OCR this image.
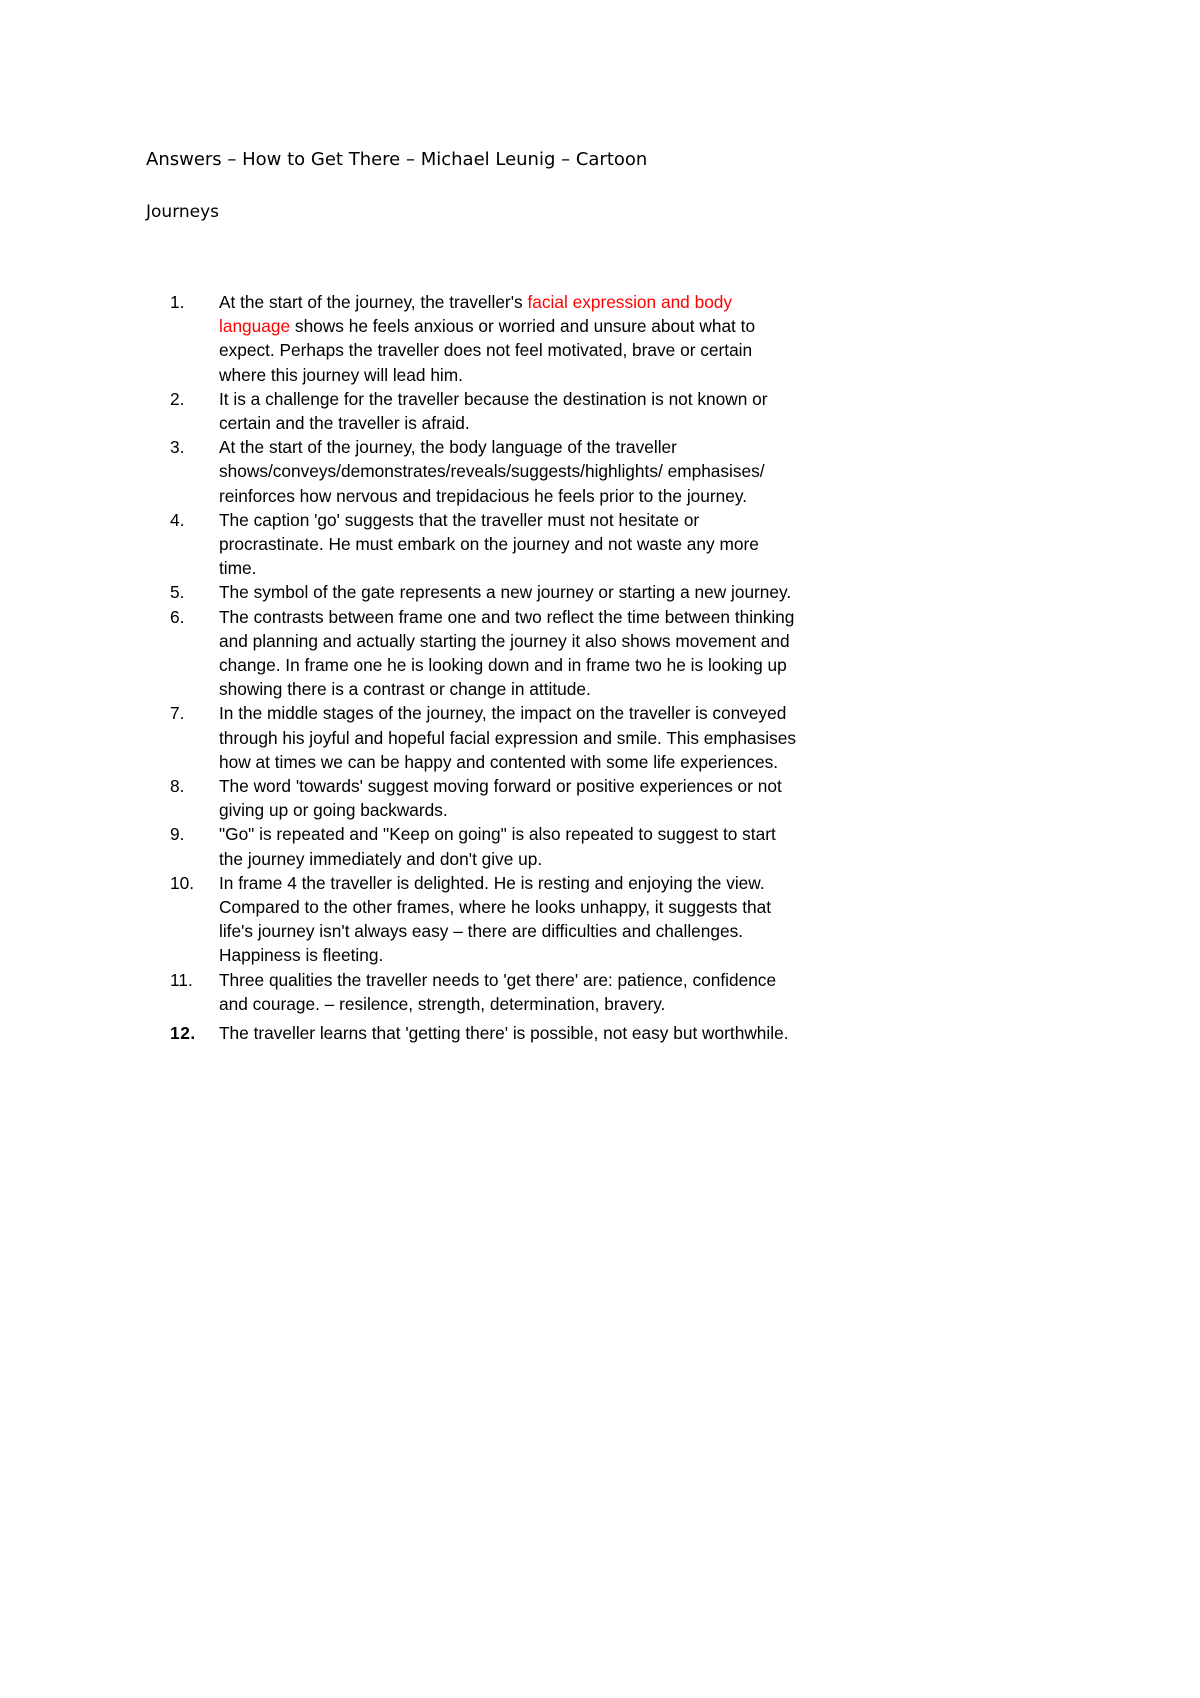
Answers – How to Get There – Michael Leunig – Cartoon
Journeys
1.	At the start of the journey, the traveller's facial expression and body language shows he feels anxious or worried and unsure about what to expect. Perhaps the traveller does not feel motivated, brave or certain where this journey will lead him.
2.	It is a challenge for the traveller because the destination is not known or certain and the traveller is afraid.
3.	At the start of the journey, the body language of the traveller shows/conveys/demonstrates/reveals/suggests/highlights/ emphasises/ reinforces how nervous and trepidacious he feels prior to the journey.
4.	The caption 'go' suggests that the traveller must not hesitate or procrastinate. He must embark on the journey and not waste any more time.
5.	The symbol of the gate represents a new journey or starting a new journey.
6.	The contrasts between frame one and two reflect the time between thinking and planning and actually starting the journey it also shows movement and change. In frame one he is looking down and in frame two he is looking up showing there is a contrast or change in attitude.
7.	In the middle stages of the journey, the impact on the traveller is conveyed through his joyful and hopeful facial expression and smile. This emphasises how at times we can be happy and contented with some life experiences.
8.	The word 'towards' suggest moving forward or positive experiences or not giving up or going backwards.
9.	"Go" is repeated and "Keep on going" is also repeated to suggest to start the journey immediately and don't give up.
10.	In frame 4 the traveller is delighted. He is resting and enjoying the view. Compared to the other frames, where he looks unhappy, it suggests that life's journey isn't always easy – there are difficulties and challenges. Happiness is fleeting.
11.	Three qualities the traveller needs to 'get there' are: patience, confidence and courage. – resilence, strength, determination, bravery.
12.	The traveller learns that 'getting there' is possible, not easy but worthwhile.
